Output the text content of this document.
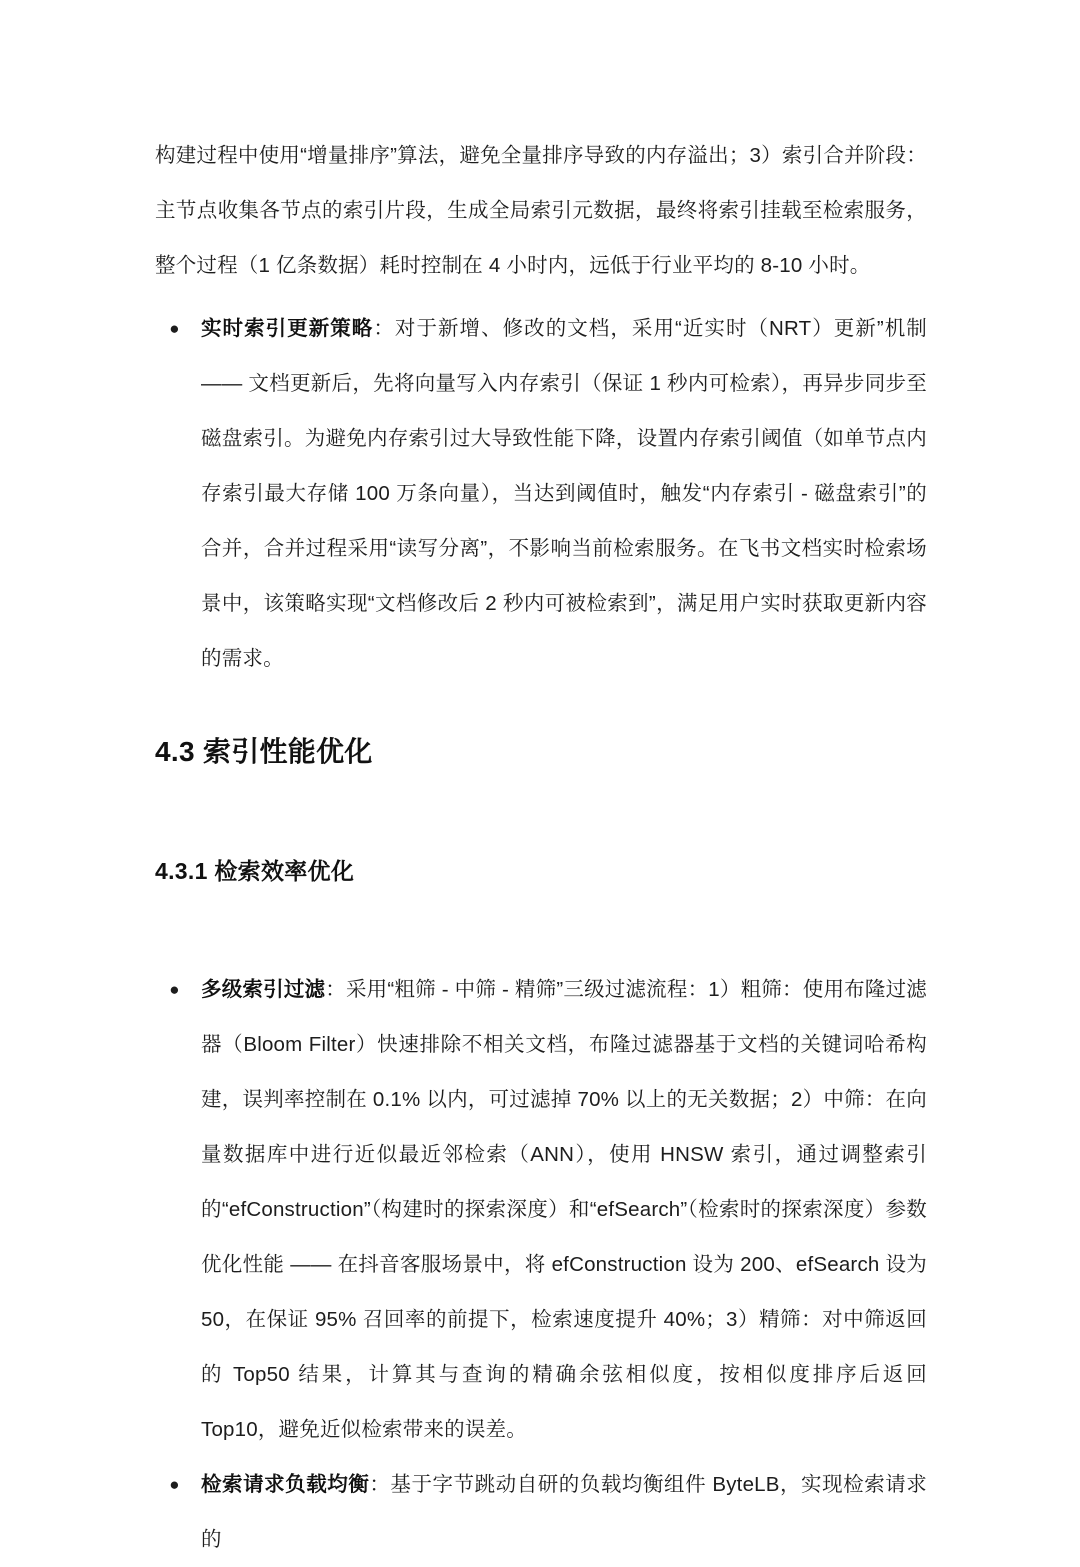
构建过程中使用“增量排序”算法，避免全量排序导致的内存溢出；3）索引合并阶段：主节点收集各节点的索引片段，生成全局索引元数据，最终将索引挂载至检索服务，整个过程（1 亿条数据）耗时控制在 4 小时内，远低于行业平均的 8-10 小时。

● 实时索引更新策略：对于新增、修改的文档，采用“近实时（NRT）更新”机制 —— 文档更新后，先将向量写入内存索引（保证 1 秒内可检索），再异步同步至磁盘索引。为避免内存索引过大导致性能下降，设置内存索引阈值（如单节点内存索引最大存储 100 万条向量），当达到阈值时，触发“内存索引 - 磁盘索引”的合并，合并过程采用“读写分离”，不影响当前检索服务。在飞书文档实时检索场景中，该策略实现“文档修改后 2 秒内可被检索到”，满足用户实时获取更新内容的需求。
4.3 索引性能优化
4.3.1 检索效率优化
● 多级索引过滤：采用“粗筛 - 中筛 - 精筛”三级过滤流程：1）粗筛：使用布隆过滤器（Bloom Filter）快速排除不相关文档，布隆过滤器基于文档的关键词哈希构建，误判率控制在 0.1% 以内，可过滤掉 70% 以上的无关数据；2）中筛：在向量数据库中进行近似最近邻检索（ANN），使用 HNSW 索引，通过调整索引的“efConstruction”（构建时的探索深度）和“efSearch”（检索时的探索深度）参数优化性能 —— 在抖音客服场景中，将 efConstruction 设为 200、efSearch 设为 50，在保证 95% 召回率的前提下，检索速度提升 40%；3）精筛：对中筛返回的 Top50 结果，计算其与查询的精确余弦相似度，按相似度排序后返回 Top10，避免近似检索带来的误差。
● 检索请求负载均衡：基于字节跳动自研的负载均衡组件 ByteLB，实现检索请求的
